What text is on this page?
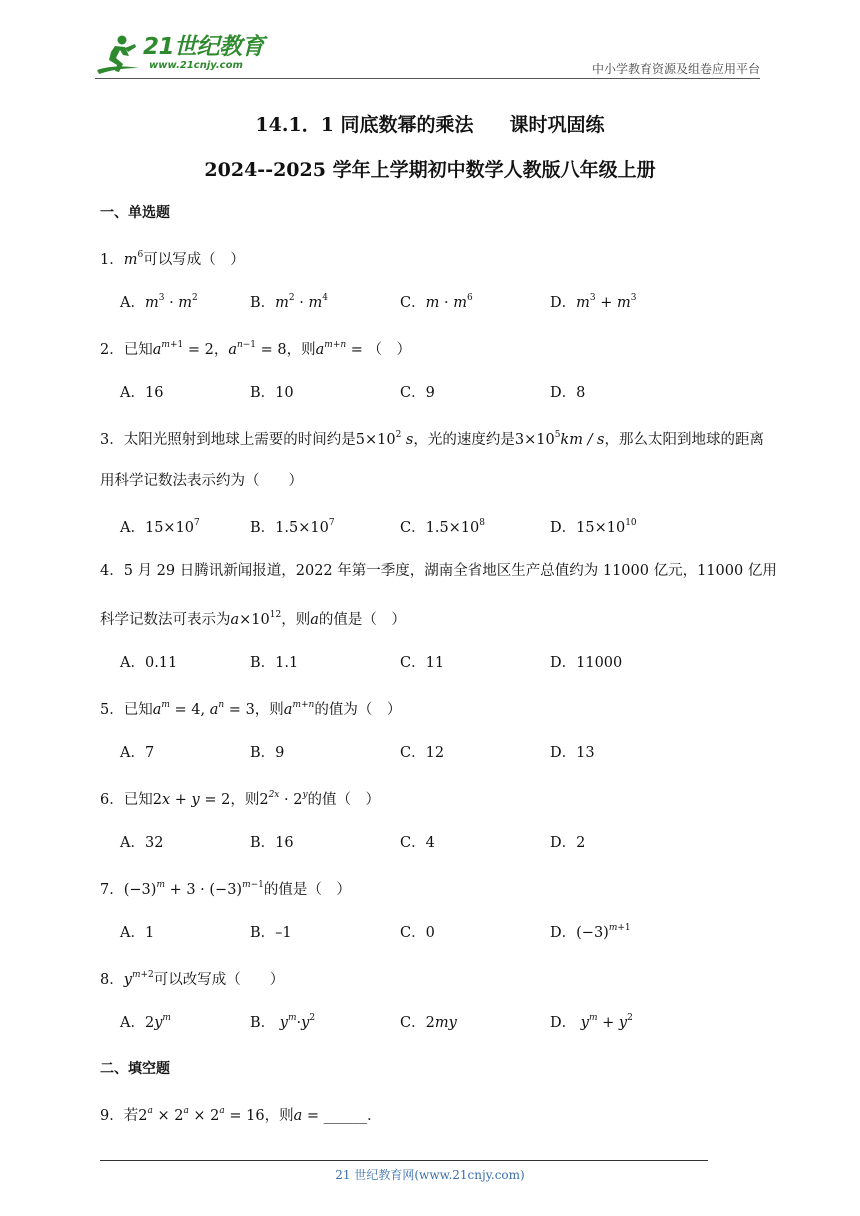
21世纪教育
www.21cnjy.com	中小学教育资源及组卷应用平台
14.1．1 同底数幂的乘法 课时巩固练
2024--2025 学年上学期初中数学人教版八年级上册
一、单选题
1．$m^6$可以写成（　）
A．$m^3 \cdot m^2$	B．$m^2 \cdot m^4$	C．$m \cdot m^6$	D．$m^3 + m^3$
2．已知$a^{m+1} = 2$，$a^{n-1} = 8$，则$a^{m+n}$ = （　）
A．16	B．10	C．9	D．8
3．太阳光照射到地球上需要的时间约是$5\times 10^2$ s，光的速度约是$3\times 10^5km / s$，那么太阳到地球的距离
用科学记数法表示约为（　　）
A．$15\times 10^7$	B．$1.5\times 10^7$	C．$1.5\times 10^8$	D．$15\times 10^{10}$
4．5 月 29 日腾讯新闻报道，2022 年第一季度，湖南全省地区生产总值约为 11000 亿元，11000 亿用
科学记数法可表示为$a\times 10^{12}$，则a的值是（　）
A．0.11	B．1.1	C．11	D．11000
5．已知$a^m = 4$, $a^n = 3$，则$a^{m+n}$的值为（　）
A．7	B．9	C．12	D．13
6．已知2x + y = 2，则$2^{2x} \cdot 2^y$的值（　）
A．32	B．16	C．4	D．2
7．$(-3)^m + 3 \cdot (-3)^{m-1}$的值是（　）
A．1	B．–1	C．0	D．$(-3)^{m+1}$
8．$y^{m+2}$可以改写成（　　）
A．$2y^m$	B． $y^m\cdot y^2$	C．2my	D． $y^m + y^2$
二、填空题
9．若$2^a \times 2^a \times 2^a = 16$，则a = ______．
21 世纪教育网(www.21cnjy.com)
